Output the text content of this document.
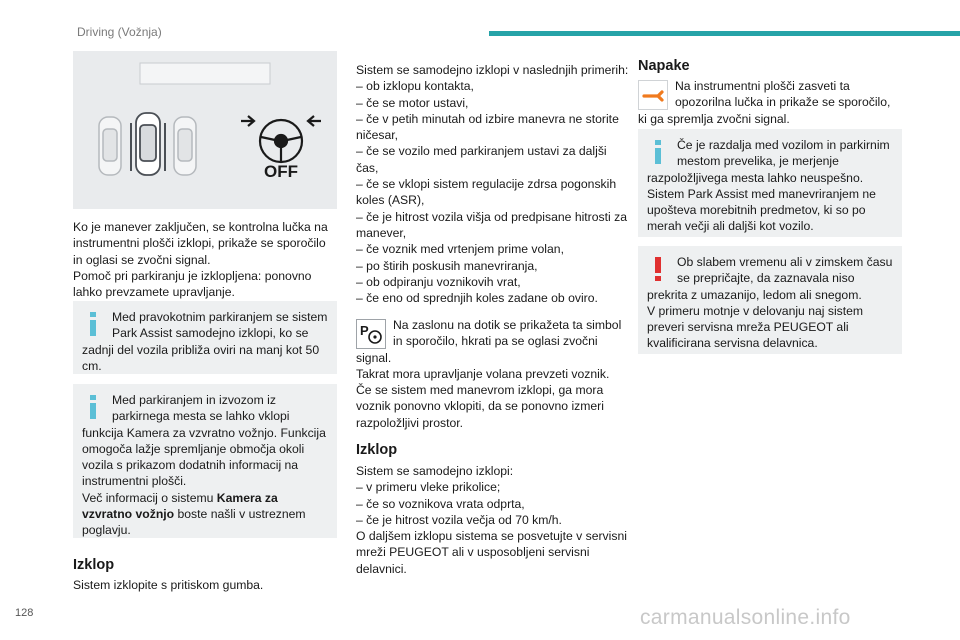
Driving (Vožnja)
OFF

Ko je manever zaključen, se kontrolna lučka na instrumentni plošči izklopi, prikaže se sporočilo in oglasi se zvočni signal.
Pomoč pri parkiranju je izklopljena: ponovno lahko prevzamete upravljanje.

Med pravokotnim parkiranjem se sistem Park Assist samodejno izklopi, ko se zadnji del vozila približa oviri na manj kot 50 cm.

Med parkiranjem in izvozom iz parkirnega mesta se lahko vklopi funkcija Kamera za vzvratno vožnjo. Funkcija omogoča lažje spremljanje območja okoli vozila s prikazom dodatnih informacij na instrumentni plošči.

Več informacij o sistemu Kamera za vzvratno vožnjo boste našli v ustreznem poglavju.

Izklop

Sistem izklopite s pritiskom gumba.

Sistem se samodejno izklopi v naslednjih primerih:
– ob izklopu kontakta,
– če se motor ustavi,
– če v petih minutah od izbire manevra ne storite ničesar,
– če se vozilo med parkiranjem ustavi za daljši čas,
– če se vklopi sistem regulacije zdrsa pogonskih koles (ASR),
– če je hitrost vozila višja od predpisane hitrosti za manever,
– če voznik med vrtenjem prime volan,
– po štirih poskusih manevriranja,
– ob odpiranju voznikovih vrat,
– če eno od sprednjih koles zadane ob oviro.

P	Na zaslonu na dotik se prikažeta ta simbol in sporočilo, hkrati pa se oglasi zvočni signal.
Takrat mora upravljanje volana prevzeti voznik.
Če se sistem med manevrom izklopi, ga mora voznik ponovno vklopiti, da se ponovno izmeri razpoložljivi prostor.

Izklop

Sistem se samodejno izklopi:
– v primeru vleke prikolice;
– če so voznikova vrata odprta,
– če je hitrost vozila večja od 70 km/h.
O daljšem izklopu sistema se posvetujte v servisni mreži PEUGEOT ali v usposobljeni servisni delavnici.

Napake

Na instrumentni plošči zasveti ta opozorilna lučka in prikaže se sporočilo, ki ga spremlja zvočni signal.

Če je razdalja med vozilom in parkirnim mestom prevelika, je merjenje razpoložljivega mesta lahko neuspešno.
Sistem Park Assist med manevriranjem ne upošteva morebitnih predmetov, ki so po merah večji ali daljši kot vozilo.

Ob slabem vremenu ali v zimskem času se prepričajte, da zaznavala niso prekrita z umazanijo, ledom ali snegom.
V primeru motnje v delovanju naj sistem preveri servisna mreža PEUGEOT ali kvalificirana servisna delavnica.

128	carmanualsonline.info
